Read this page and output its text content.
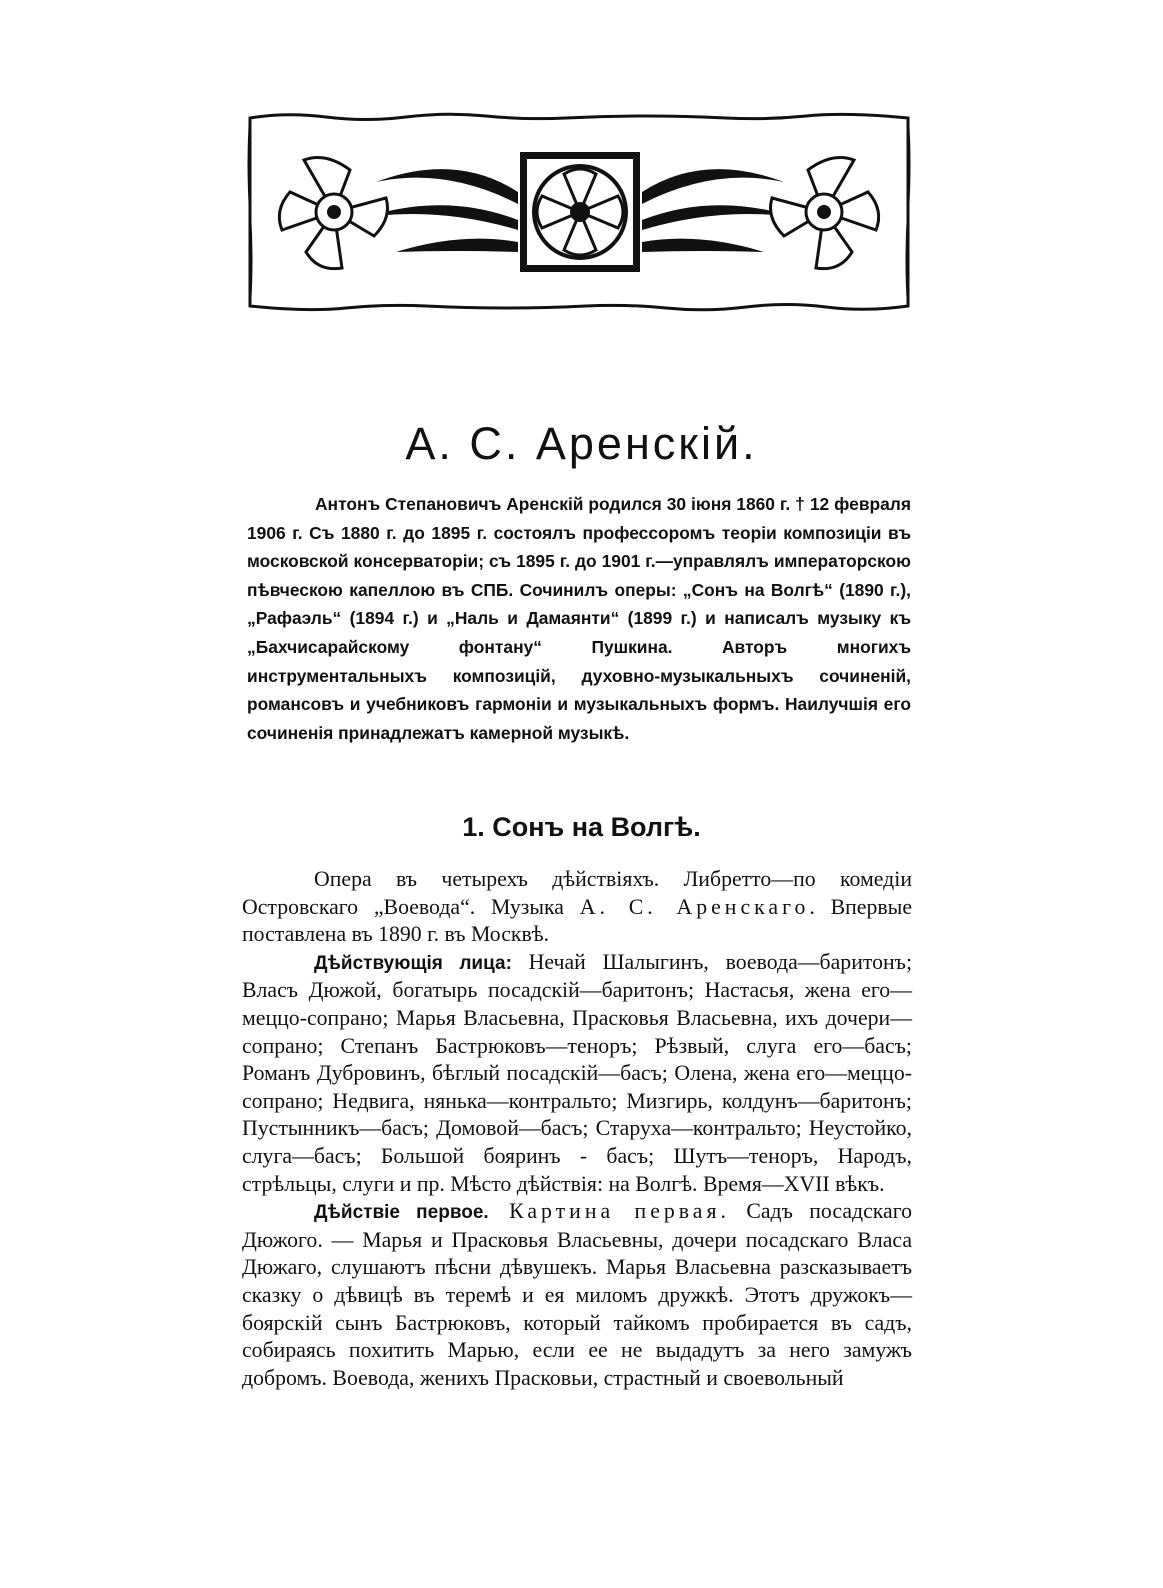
А. С. Аренскій.

Антонъ Степановичъ Аренскій родился 30 іюня 1860 г. † 12 февраля 1906 г. Съ 1880 г. до 1895 г. состоялъ профессоромъ теоріи композиціи въ московской консерваторіи; съ 1895 г. до 1901 г.—управлялъ императорскою пѣвческою капеллою въ СПБ. Сочинилъ оперы: „Сонъ на Волгѣ“ (1890 г.), „Рафаэль“ (1894 г.) и „Наль и Дамаянти“ (1899 г.) и написалъ музыку къ „Бахчисарайскому фонтану“ Пушкина. Авторъ многихъ инструментальныхъ композицій, духовно-музыкальныхъ сочиненій, романсовъ и учебниковъ гармоніи и музыкальныхъ формъ. Наилучшія его сочиненія принадлежатъ камерной музыкѣ.

1. Сонъ на Волгѣ.

Опера въ четырехъ дѣйствіяхъ. Либретто—по комедіи Островскаго „Воевода“. Музыка А. С. Аренскаго. Впервые поставлена въ 1890 г. въ Москвѣ.

Дѣйствующія лица: Нечай Шалыгинъ, воевода—баритонъ; Власъ Дюжой, богатырь посадскій—баритонъ; Настасья, жена его—меццо-сопрано; Марья Власьевна, Прасковья Власьевна, ихъ дочери—сопрано; Степанъ Бастрюковъ—теноръ; Рѣзвый, слуга его—басъ; Романъ Дубровинъ, бѣглый посадскій—басъ; Олена, жена его—меццо-сопрано; Недвига, нянька—контральто; Мизгирь, колдунъ—баритонъ; Пустынникъ—басъ; Домовой—басъ; Старуха—контральто; Неустойко, слуга—басъ; Большой бояринъ - басъ; Шутъ—теноръ, Народъ, стрѣльцы, слуги и пр. Мѣсто дѣйствія: на Волгѣ. Время—XVII вѣкъ.

Дѣйствіе первое. Картина первая. Садъ посадскаго Дюжого. — Марья и Прасковья Власьевны, дочери посадскаго Власа Дюжаго, слушаютъ пѣсни дѣвушекъ. Марья Власьевна разсказываетъ сказку о дѣвицѣ въ теремѣ и ея миломъ дружкѣ. Этотъ дружокъ—боярскій сынъ Бастрюковъ, который тайкомъ пробирается въ садъ, собираясь похитить Марью, если ее не выдадутъ за него замужъ добромъ. Воевода, женихъ Прасковьи, страстный и своевольный
